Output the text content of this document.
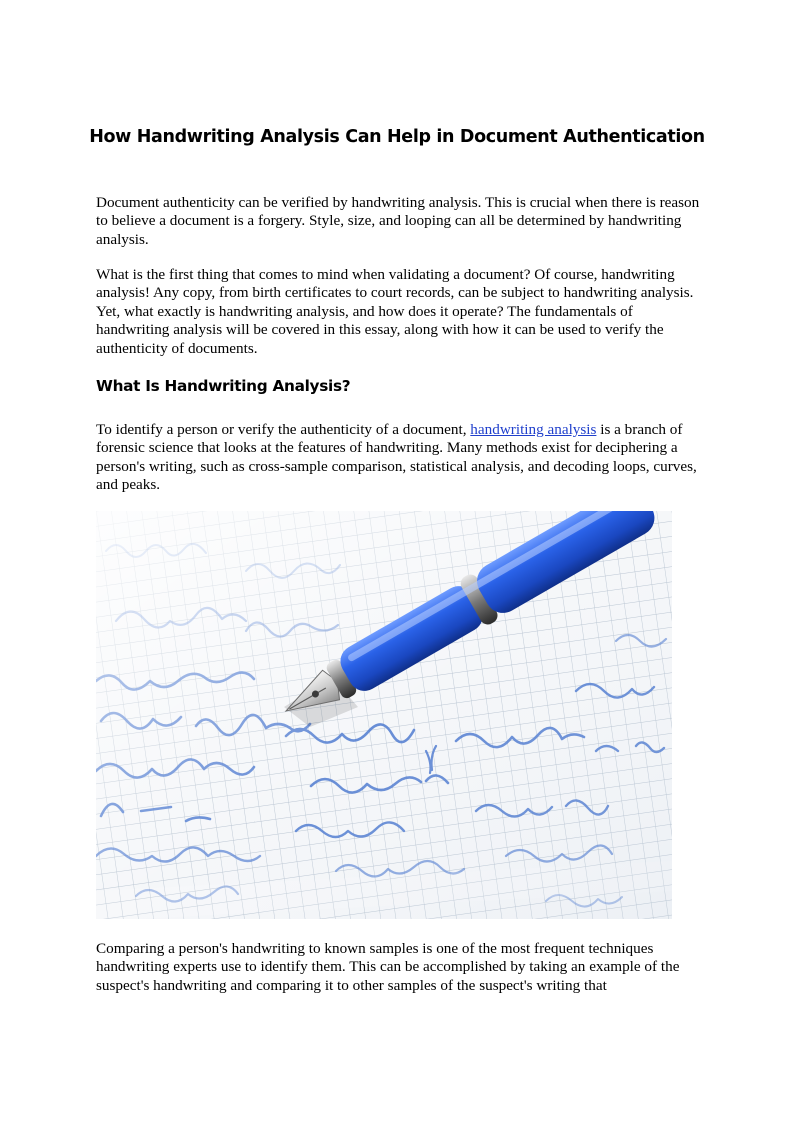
How Handwriting Analysis Can Help in Document Authentication

Document authenticity can be verified by handwriting analysis. This is crucial when there is reason to believe a document is a forgery. Style, size, and looping can all be determined by handwriting analysis.

What is the first thing that comes to mind when validating a document? Of course, handwriting analysis! Any copy, from birth certificates to court records, can be subject to handwriting analysis. Yet, what exactly is handwriting analysis, and how does it operate? The fundamentals of handwriting analysis will be covered in this essay, along with how it can be used to verify the authenticity of documents.

What Is Handwriting Analysis?

To identify a person or verify the authenticity of a document, handwriting analysis is a branch of forensic science that looks at the features of handwriting. Many methods exist for deciphering a person's writing, such as cross-sample comparison, statistical analysis, and decoding loops, curves, and peaks.

Comparing a person's handwriting to known samples is one of the most frequent techniques handwriting experts use to identify them. This can be accomplished by taking an example of the suspect's handwriting and comparing it to other samples of the suspect's writing that
